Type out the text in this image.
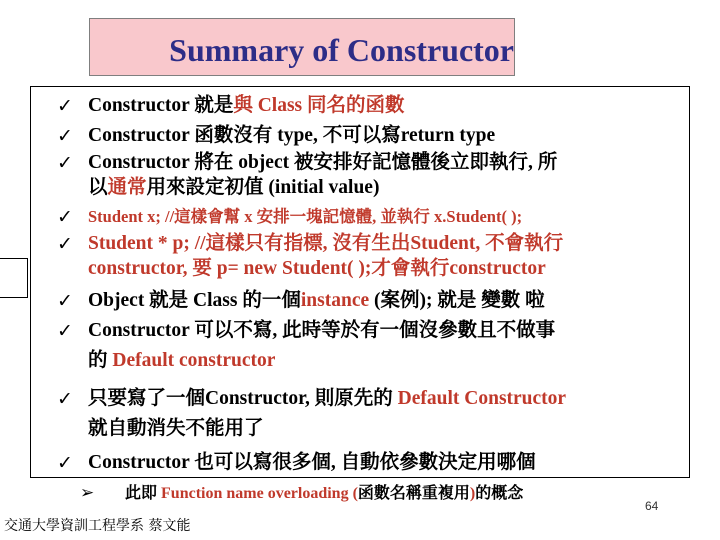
Summary of Constructor
✓ Constructor 就是與 Class 同名的函數
✓ Constructor 函數沒有 type, 不可以寫return type
✓ Constructor 將在 object 被安排好記憶體後立即執行, 所
以通常用來設定初值 (initial value)
✓ Student x; //這樣會幫 x 安排一塊記憶體, 並執行 x.Student( );
✓ Student * p; //這樣只有指標, 沒有生出Student, 不會執行
constructor, 要 p= new Student( );才會執行constructor
✓ Object 就是 Class 的一個instance (案例); 就是 變數 啦
✓ Constructor 可以不寫, 此時等於有一個沒參數且不做事
的 Default constructor
✓ 只要寫了一個Constructor, 則原先的 Default Constructor
就自動消失不能用了
✓ Constructor 也可以寫很多個, 自動依參數決定用哪個
➢ 此即 Function name overloading (函數名稱重複用)的概念
64
交通大學資訓工程學系 蔡文能
